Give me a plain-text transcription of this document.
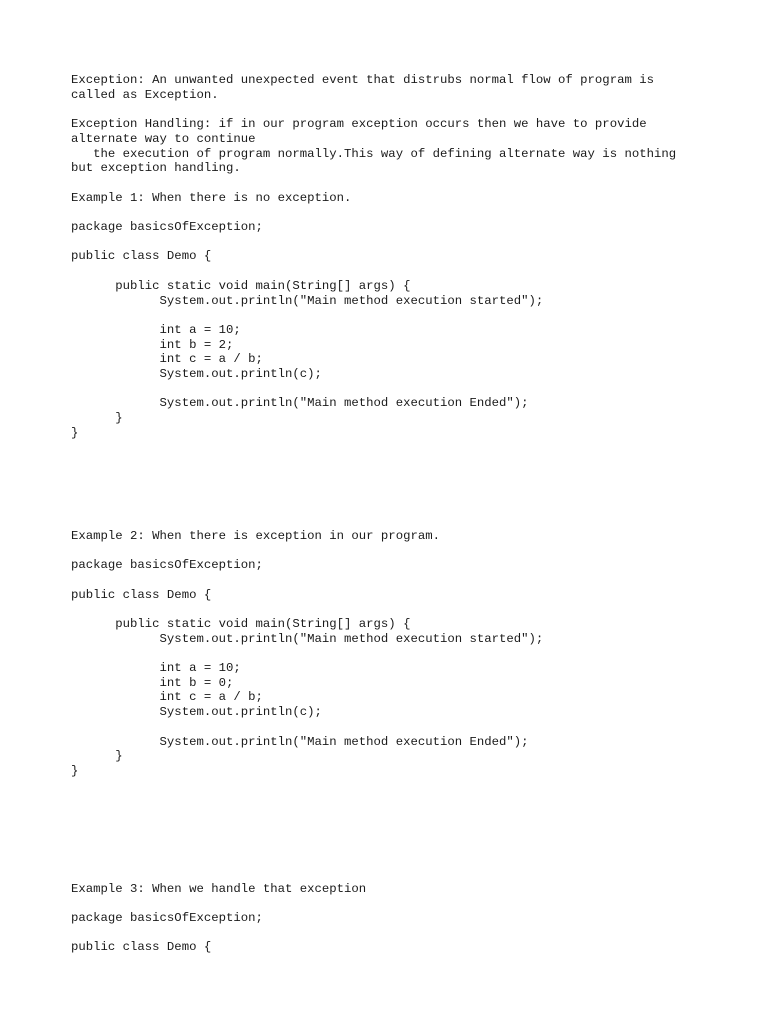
Exception: An unwanted unexpected event that distrubs normal flow of program is

called as Exception.

Exception Handling: if in our program exception occurs then we have to provide

alternate way to continue

the execution of program normally.This way of defining alternate way is nothing

but exception handling.

Example 1: When there is no exception.

package basicsOfException;

public class Demo {

public static void main(String[] args) {

System.out.println("Main method execution started");

int a = 10;

int b = 2;

int c = a / b;

System.out.println(c);

System.out.println("Main method execution Ended");

}

}

Example 2: When there is exception in our program.

package basicsOfException;

public class Demo {

public static void main(String[] args) {

System.out.println("Main method execution started");

int a = 10;

int b = 0;

int c = a / b;

System.out.println(c);

System.out.println("Main method execution Ended");

}

}

Example 3: When we handle that exception

package basicsOfException;

public class Demo {
